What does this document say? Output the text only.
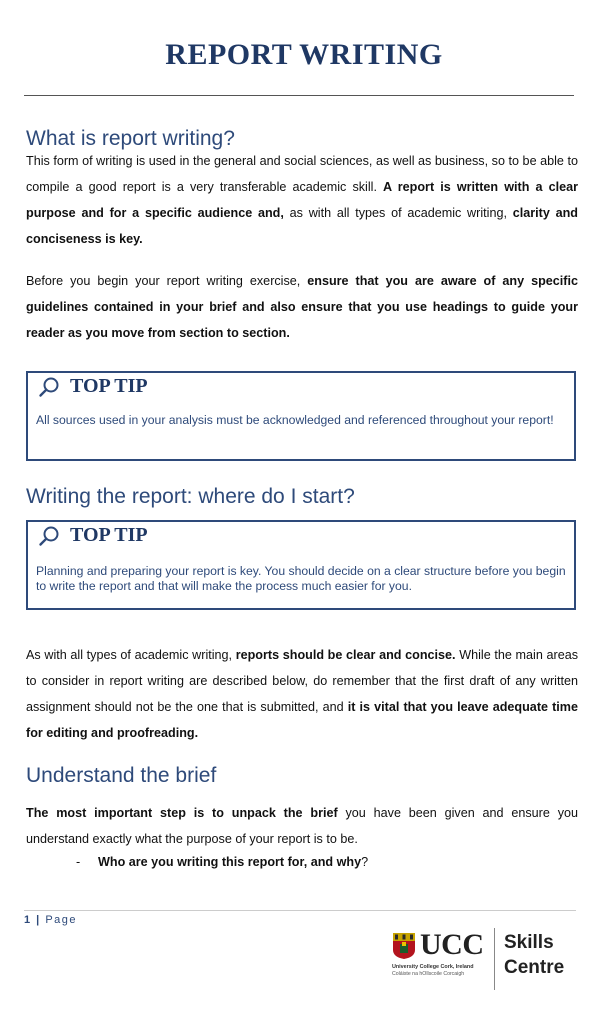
REPORT WRITING
What is report writing?
This form of writing is used in the general and social sciences, as well as business, so to be able to compile a good report is a very transferable academic skill. A report is written with a clear purpose and for a specific audience and, as with all types of academic writing, clarity and conciseness is key.
Before you begin your report writing exercise, ensure that you are aware of any specific guidelines contained in your brief and also ensure that you use headings to guide your reader as you move from section to section.
TOP TIP
All sources used in your analysis must be acknowledged and referenced throughout your report!
Writing the report: where do I start?
TOP TIP
Planning and preparing your report is key. You should decide on a clear structure before you begin to write the report and that will make the process much easier for you.
As with all types of academic writing, reports should be clear and concise. While the main areas to consider in report writing are described below, do remember that the first draft of any written assignment should not be the one that is submitted, and it is vital that you leave adequate time for editing and proofreading.
Understand the brief
The most important step is to unpack the brief you have been given and ensure you understand exactly what the purpose of your report is to be.
- Who are you writing this report for, and why?
1 | Page
UCC
University College Cork, Ireland
Coláiste na hOllscoile Corcaigh
Skills
Centre
